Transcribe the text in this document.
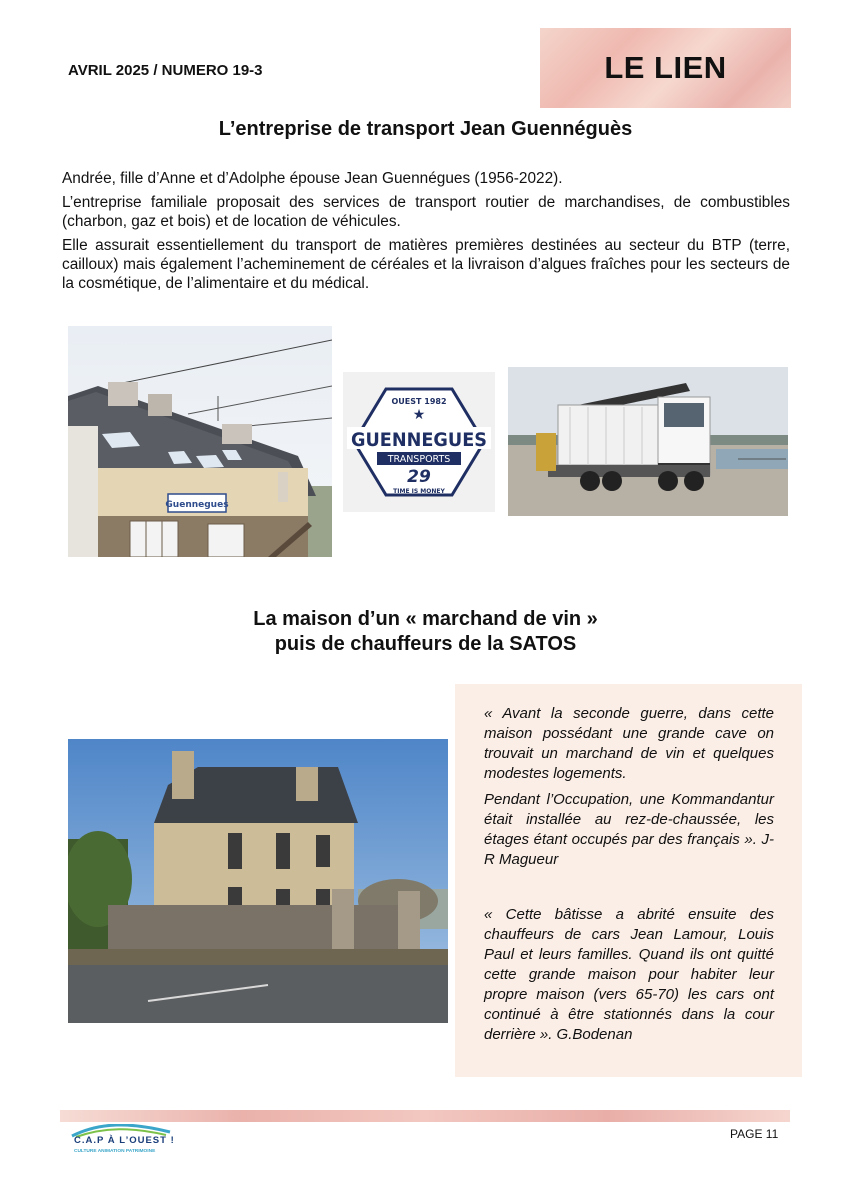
AVRIL 2025 / NUMERO 19-3	LE LIEN
L’entreprise de transport Jean Guennéguès
Andrée, fille d’Anne et d’Adolphe épouse Jean Guennégues (1956-2022).
L’entreprise familiale proposait des services de transport routier de marchandises, de combustibles (charbon, gaz et bois) et de location de véhicules.
Elle assurait essentiellement du transport de matières premières destinées au secteur du BTP (terre, cailloux) mais également l’acheminement de céréales et la livraison d’algues fraîches pour les secteurs de la cosmétique, de l’alimentaire et du médical.
Guennegues
OUEST 1982
★
GUENNEGUES
TRANSPORTS
29
TIME IS MONEY
La maison d’un « marchand de vin »
puis de chauffeurs de la SATOS
« Avant la seconde guerre, dans cette maison possédant une grande cave on trouvait un marchand de vin et quelques modestes logements.
Pendant l’Occupation, une Kommandantur était installée au rez-de-chaussée, les étages étant occupés par des français ». J-R Magueur
« Cette bâtisse a abrité ensuite des chauffeurs de cars Jean Lamour, Louis Paul et leurs familles. Quand ils ont quitté cette grande maison pour habiter leur propre maison (vers 65-70) les cars ont continué à être stationnés dans la cour derrière ». G.Bodenan
C.A.P À L’OUEST !
CULTURE ANIMATION PATRIMOINE
PAGE 11
